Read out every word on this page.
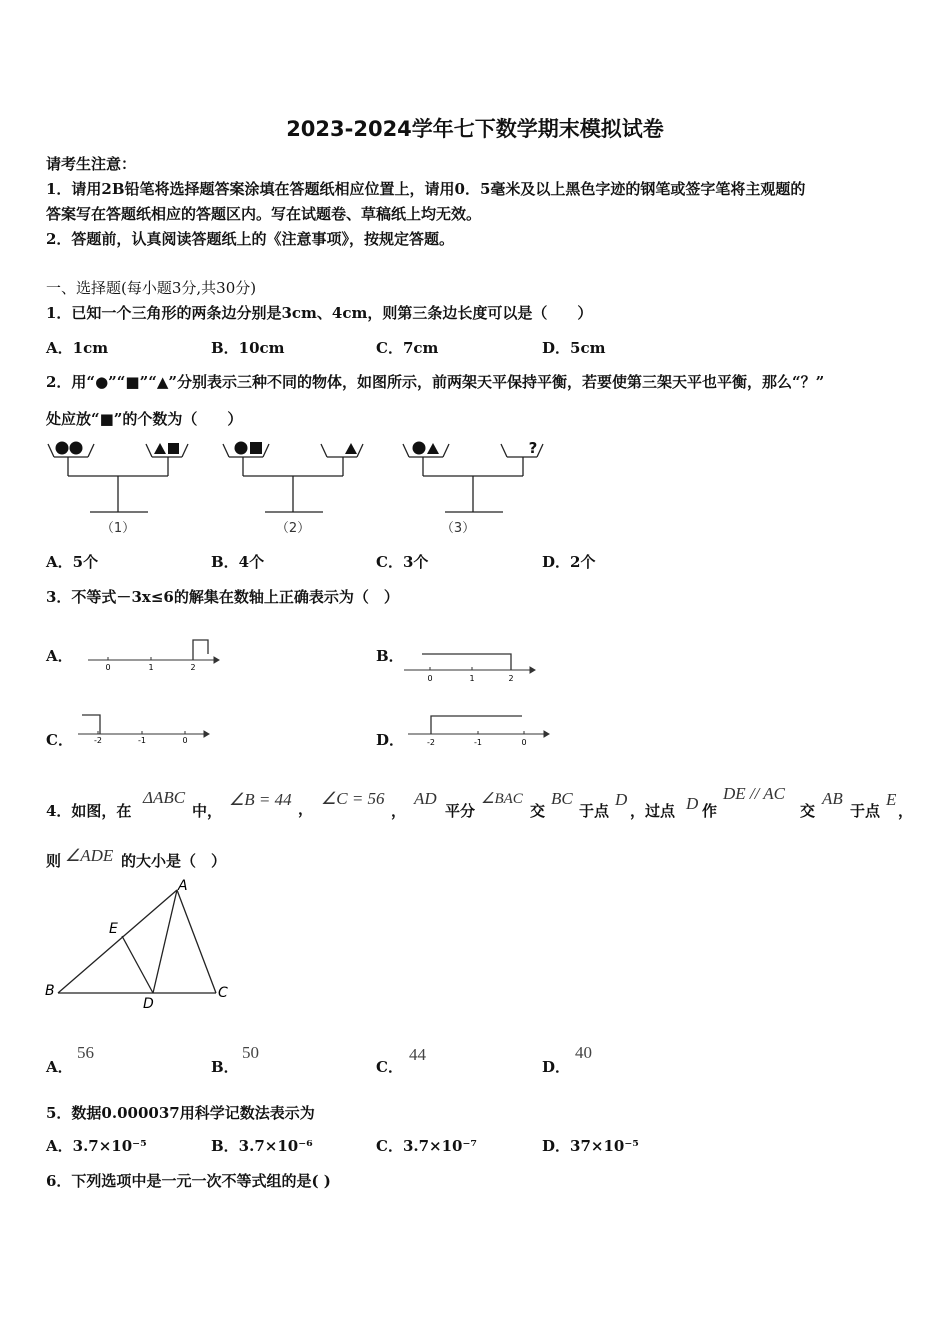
2023-2024学年七下数学期末模拟试卷
请考生注意：
1．请用2B铅笔将选择题答案涂填在答题纸相应位置上，请用0．5毫米及以上黑色字迹的钢笔或签字笔将主观题的
答案写在答题纸相应的答题区内。写在试题卷、草稿纸上均无效。
2．答题前，认真阅读答题纸上的《注意事项》，按规定答题。
一、选择题(每小题3分,共30分)
1．已知一个三角形的两条边分别是3cm、4cm，则第三条边长度可以是（　　）
A．1cm	B．10cm	C．7cm	D．5cm
2．用“●”“■”“▲”分别表示三种不同的物体，如图所示，前两架天平保持平衡，若要使第三架天平也平衡，那么“？”
处应放“■”的个数为（　　）
（1）	（2）
?
（3）
A．5个	B．4个	C．3个	D．2个
3．不等式－3x≤6的解集在数轴上正确表示为（　）
A．
0	1	2
B．
0	1	2
C．	-2	-1	0	D．	-2	-1	0
4．如图，在
ΔABC
中，
∠B = 44 ，
∠C = 56
，
AD
平分
∠BAC
交
BC
于点
D
，过点 D 作
DE // AC
交
AB
于点
E
，
则 ∠ADE 的大小是（　）
A
B	C
D
E
A．
56
B．
50
C．
44
D．
40
5．数据0.000037用科学记数法表示为
A．3.7×10⁻⁵	B．3.7×10⁻⁶	C．3.7×10⁻⁷	D．37×10⁻⁵
6．下列选项中是一元一次不等式组的是( )
